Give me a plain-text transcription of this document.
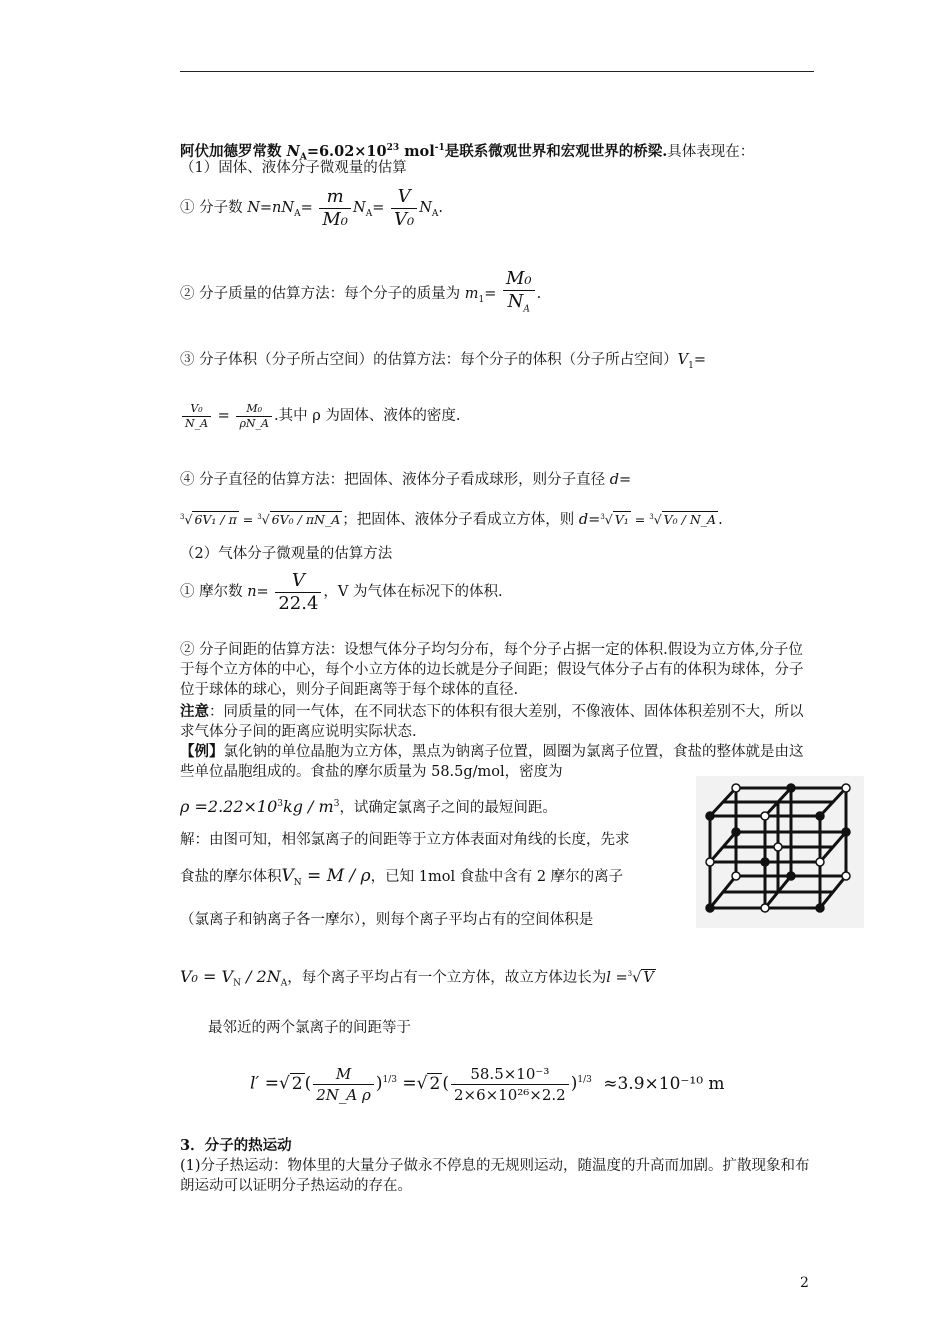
阿伏加德罗常数 $N_A=6.02\times 10^{23}$ mol$^{-1}$是联系微观世界和宏观世界的桥梁.具体表现在：
（1）固体、液体分子微观量的估算
① 分子数 $N=nN_A= \frac{m}{\text{M₀}} N_A= \frac{V}{\text{V₀}} N_A$.
② 分子质量的估算方法：每个分子的质量为 $m_1= \frac{\text{M₀}}{N_A}$ .
③ 分子体积（分子所占空间）的估算方法：每个分子的体积（分子所占空间）$V_1=$
$\frac{\text{V₀}}{N\_A} = \frac{\text{M₀}}{\rho N\_A}$ .其中 ρ 为固体、液体的密度.
④ 分子直径的估算方法：把固体、液体分子看成球形，则分子直径 d=
$^3$√ 6V₁ / π = $^3$√ 6V₀ / πN_A ；把固体、液体分子看成立方体，则 d=$^3$√ V₁ = $^3$√ V₀ / N_A .
（2）气体分子微观量的估算方法
① 摩尔数 $n= \frac{V}{22.4}$ ，V 为气体在标况下的体积.
② 分子间距的估算方法：设想气体分子均匀分布，每个分子占据一定的体积.假设为立方体,分子位于每个立方体的中心，每个小立方体的边长就是分子间距；假设气体分子占有的体积为球体，分子位于球体的球心，则分子间距离等于每个球体的直径.
注意：同质量的同一气体，在不同状态下的体积有很大差别，不像液体、固体体积差别不大，所以求气体分子间的距离应说明实际状态.
【例】氯化钠的单位晶胞为立方体，黑点为钠离子位置，圆圈为氯离子位置，食盐的整体就是由这些单位晶胞组成的。食盐的摩尔质量为 58.5g/mol，密度为
$\rho =2.22\times 10^3kg / m^3$，试确定氯离子之间的最短间距。
解：由图可知，相邻氯离子的间距等于立方体表面对角线的长度，先求
食盐的摩尔体积$V_N = M / \rho$，已知 1mol 食盐中含有 2 摩尔的离子
（氯离子和钠离子各一摩尔），则每个离子平均占有的空间体积是
$V_0 = V_N / 2N_A$，每个离子平均占有一个立方体，故立方体边长为l =$^3$√ V
最邻近的两个氯离子的间距等于
l′ =√ 2 ( $\frac{M}{\text{2N\_A ρ}} )^{1/3}$ =√ 2 ( $\frac{\text{58.5×10⁻³}}{\text{2×6×10²⁶×2.2}} )^{1/3} \approx 3.9\times 10^{-10}$ m
3．分子的热运动
(1)分子热运动：物体里的大量分子做永不停息的无规则运动，随温度的升高而加剧。扩散现象和布朗运动可以证明分子热运动的存在。
2
